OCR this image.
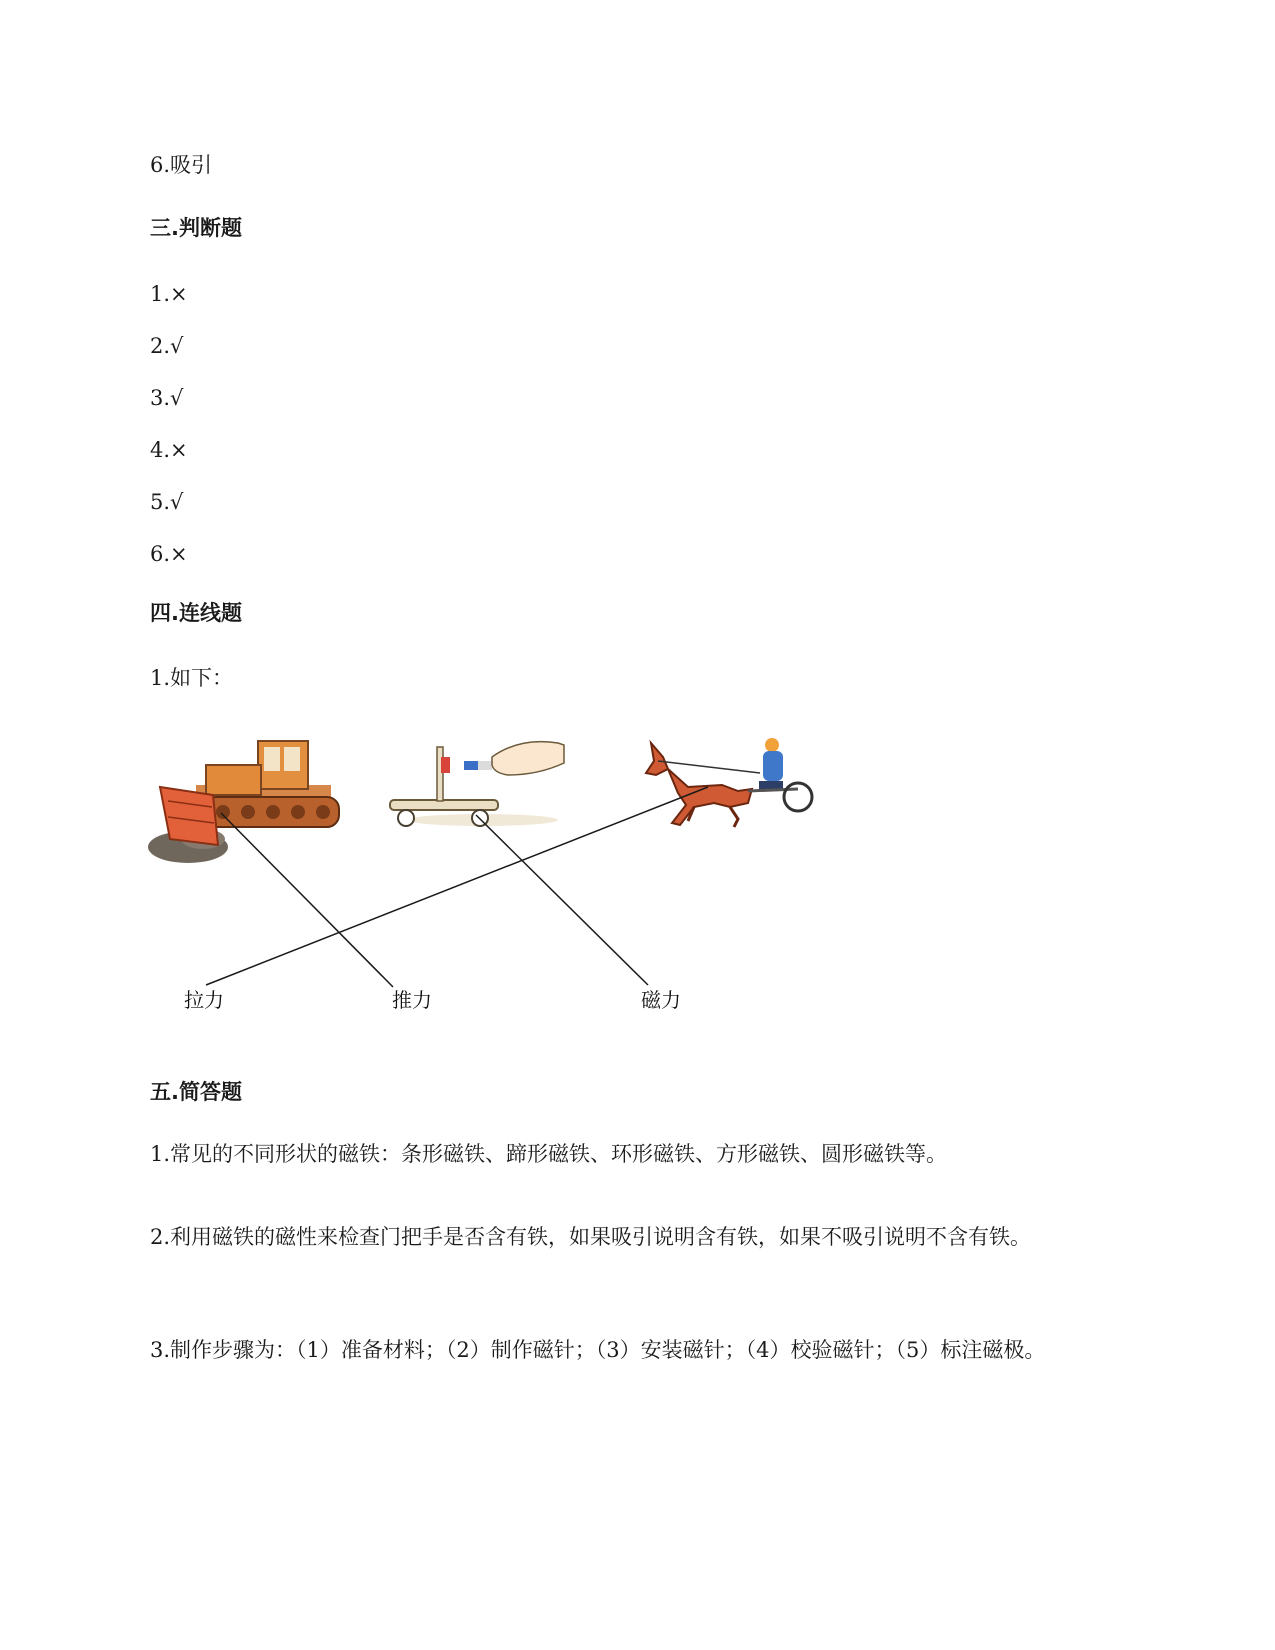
6.吸引
三.判断题
1.×
2.√
3.√
4.×
5.√
6.×
四.连线题
1.如下：
拉力	推力	磁力
五.简答题
1.常见的不同形状的磁铁：条形磁铁、蹄形磁铁、环形磁铁、方形磁铁、圆形磁铁等。
2.利用磁铁的磁性来检查门把手是否含有铁，如果吸引说明含有铁，如果不吸引说明不含有铁。
3.制作步骤为：（1）准备材料；（2）制作磁针；（3）安装磁针；（4）校验磁针；（5）标注磁极。
